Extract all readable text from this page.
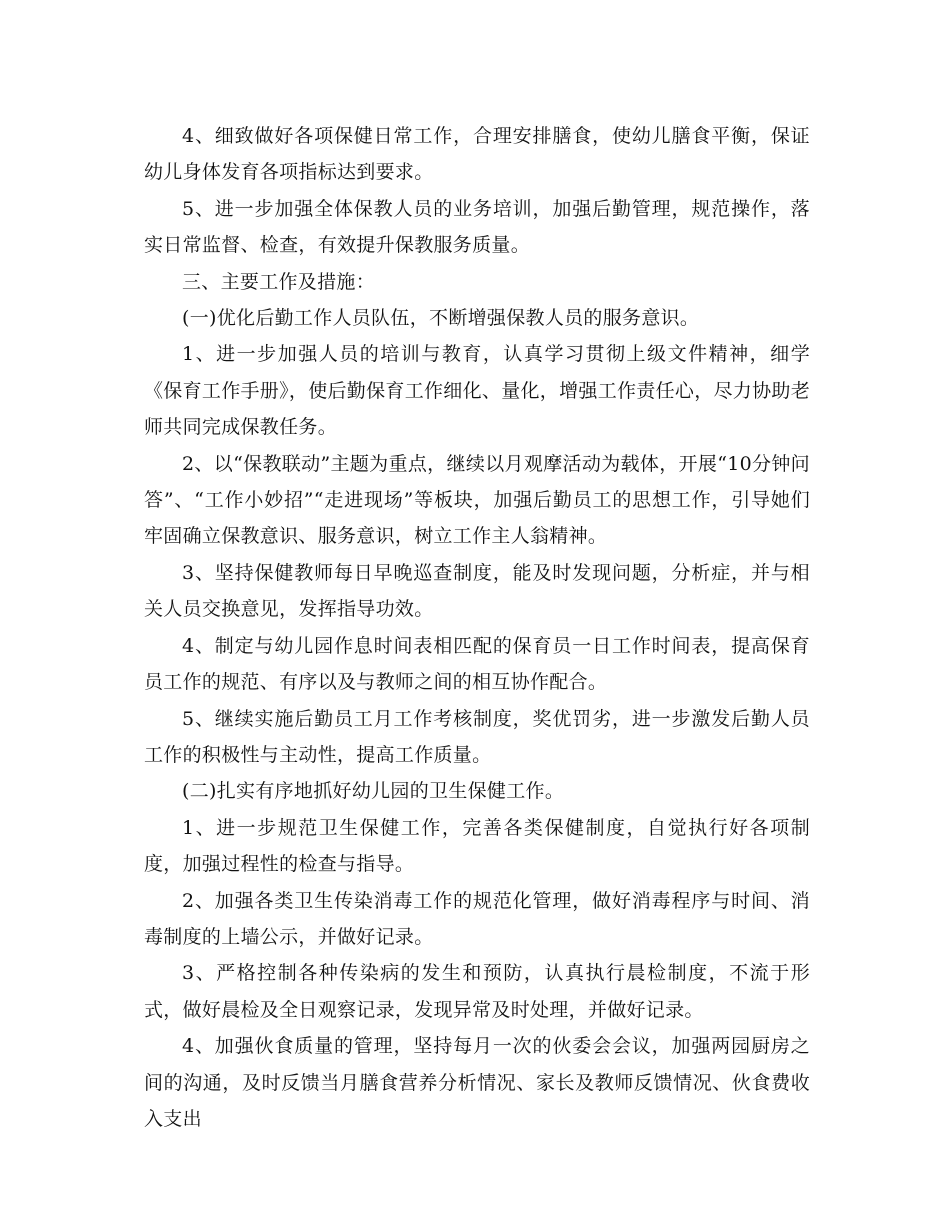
4、细致做好各项保健日常工作，合理安排膳食，使幼儿膳食平衡，保证幼儿身体发育各项指标达到要求。

5、进一步加强全体保教人员的业务培训，加强后勤管理，规范操作，落实日常监督、检查，有效提升保教服务质量。

三、主要工作及措施：

(一)优化后勤工作人员队伍，不断增强保教人员的服务意识。

1、进一步加强人员的培训与教育，认真学习贯彻上级文件精神，细学《保育工作手册》，使后勤保育工作细化、量化，增强工作责任心，尽力协助老师共同完成保教任务。

2、以“保教联动”主题为重点，继续以月观摩活动为载体，开展“10分钟问答”、“工作小妙招”“走进现场”等板块，加强后勤员工的思想工作，引导她们牢固确立保教意识、服务意识，树立工作主人翁精神。

3、坚持保健教师每日早晚巡查制度，能及时发现问题，分析症，并与相关人员交换意见，发挥指导功效。

4、制定与幼儿园作息时间表相匹配的保育员一日工作时间表，提高保育员工作的规范、有序以及与教师之间的相互协作配合。

5、继续实施后勤员工月工作考核制度，奖优罚劣，进一步激发后勤人员工作的积极性与主动性，提高工作质量。

(二)扎实有序地抓好幼儿园的卫生保健工作。

1、进一步规范卫生保健工作，完善各类保健制度，自觉执行好各项制度，加强过程性的检查与指导。

2、加强各类卫生传染消毒工作的规范化管理，做好消毒程序与时间、消毒制度的上墙公示，并做好记录。

3、严格控制各种传染病的发生和预防，认真执行晨检制度，不流于形式，做好晨检及全日观察记录，发现异常及时处理，并做好记录。

4、加强伙食质量的管理，坚持每月一次的伙委会会议，加强两园厨房之间的沟通，及时反馈当月膳食营养分析情况、家长及教师反馈情况、伙食费收入支出
